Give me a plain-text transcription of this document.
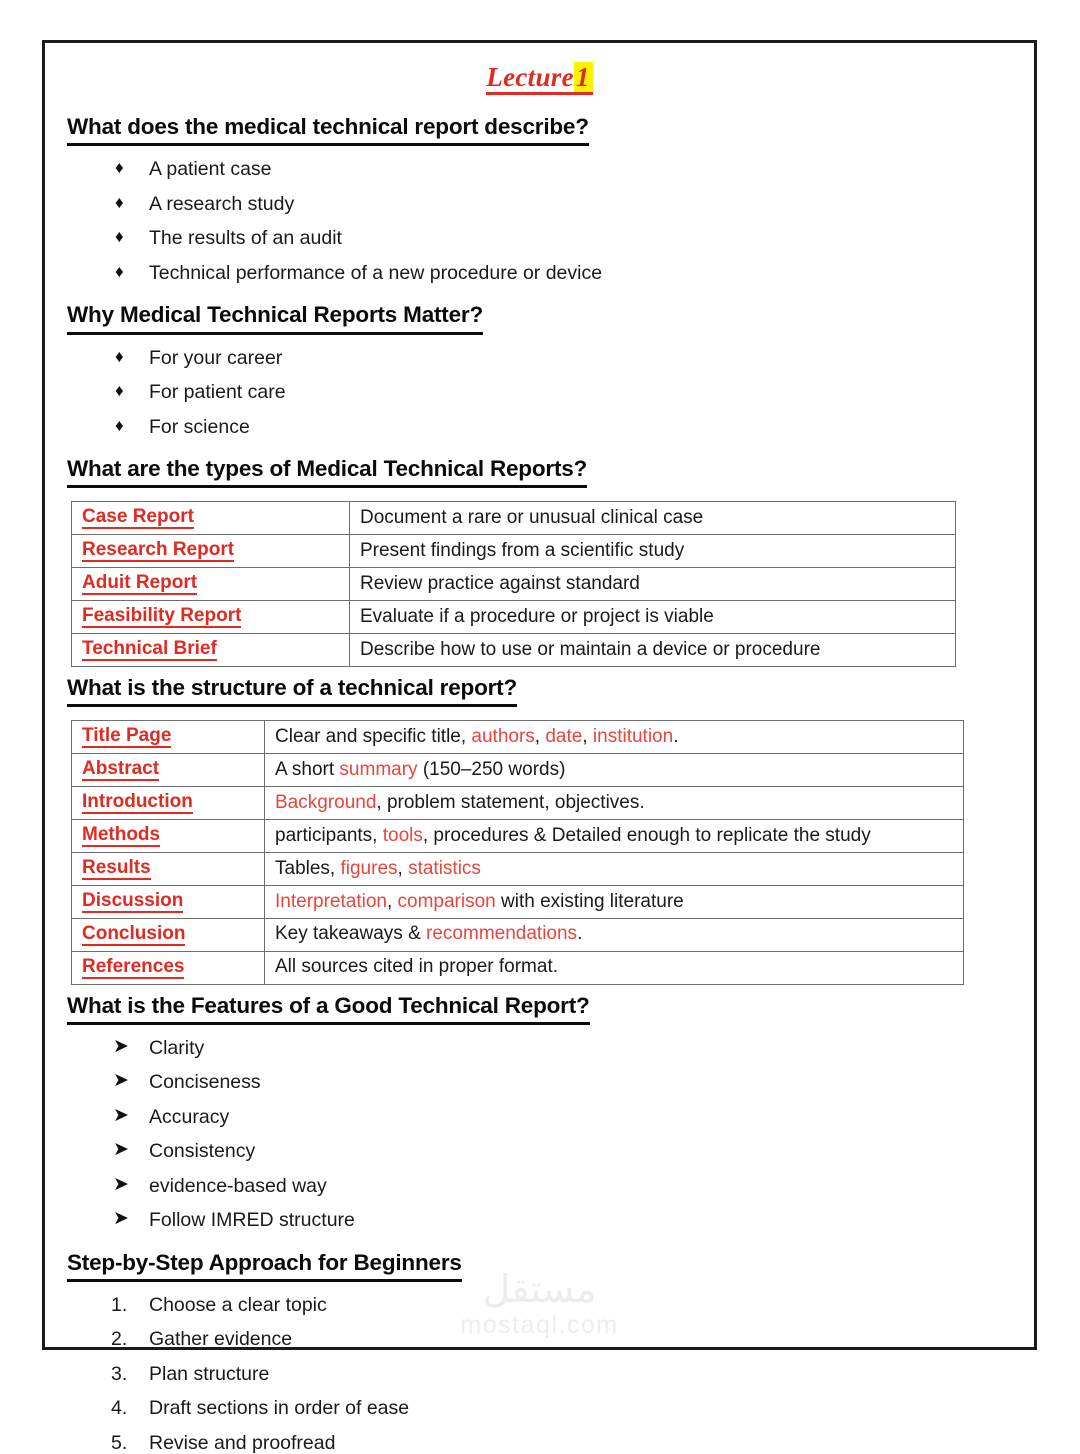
Lecture1
What does the medical technical report describe?
♦ A patient case
♦ A research study
♦ The results of an audit
♦ Technical performance of a new procedure or device
Why Medical Technical Reports Matter?
♦ For your career
♦ For patient care
♦ For science
What are the types of Medical Technical Reports?
Case Report	Document a rare or unusual clinical case
Research Report	Present findings from a scientific study
Aduit Report	Review practice against standard
Feasibility Report	Evaluate if a procedure or project is viable
Technical Brief	Describe how to use or maintain a device or procedure
What is the structure of a technical report?
Title Page	Clear and specific title, authors, date, institution.
Abstract	A short summary (150–250 words)
Introduction	Background, problem statement, objectives.
Methods	participants, tools, procedures & Detailed enough to replicate the study
Results	Tables, figures, statistics
Discussion	Interpretation, comparison with existing literature
Conclusion	Key takeaways & recommendations.
References	All sources cited in proper format.
What is the Features of a Good Technical Report?
➤ Clarity
➤ Conciseness
➤ Accuracy
➤ Consistency
➤ evidence-based way
➤ Follow IMRED structure
Step-by-Step Approach for Beginners
1. Choose a clear topic
2. Gather evidence
3. Plan structure
4. Draft sections in order of ease
5. Revise and proofread
مستقل
mostaql.com
